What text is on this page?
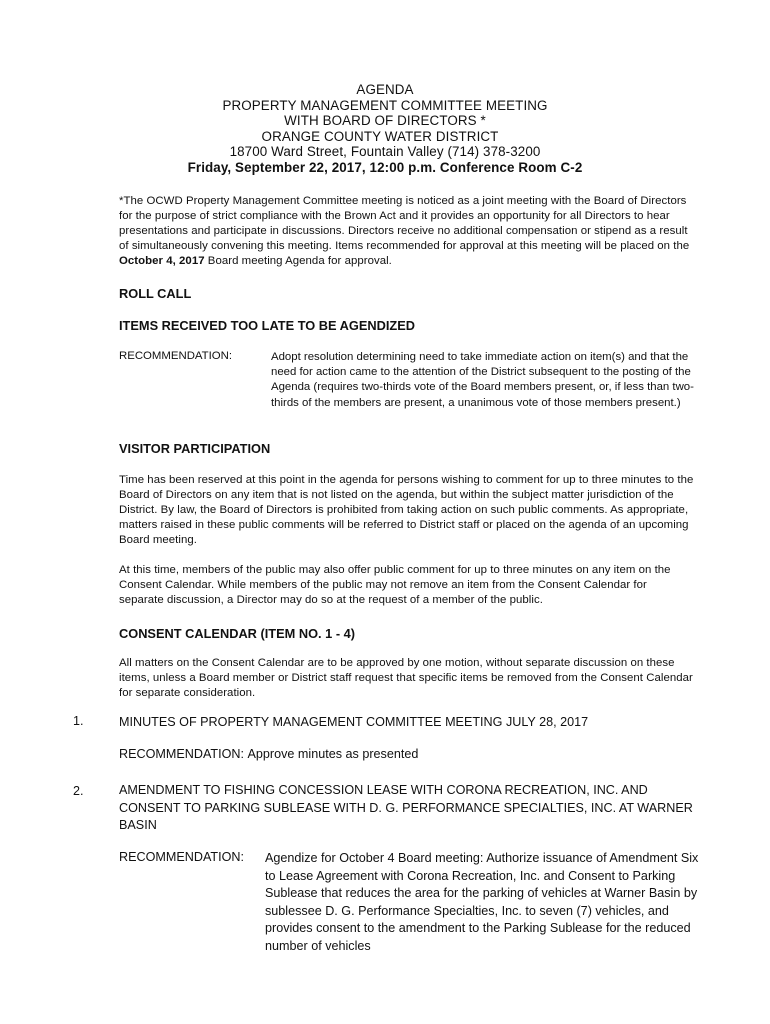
AGENDA
PROPERTY MANAGEMENT COMMITTEE MEETING
WITH BOARD OF DIRECTORS *
ORANGE COUNTY WATER DISTRICT
18700 Ward Street, Fountain Valley (714) 378-3200
Friday, September 22, 2017, 12:00 p.m. Conference Room C-2
*The OCWD Property Management Committee meeting is noticed as a joint meeting with the Board of Directors for the purpose of strict compliance with the Brown Act and it provides an opportunity for all Directors to hear presentations and participate in discussions. Directors receive no additional compensation or stipend as a result of simultaneously convening this meeting. Items recommended for approval at this meeting will be placed on the October 4, 2017 Board meeting Agenda for approval.
ROLL CALL
ITEMS RECEIVED TOO LATE TO BE AGENDIZED
RECOMMENDATION:	Adopt resolution determining need to take immediate action on item(s) and that the need for action came to the attention of the District subsequent to the posting of the Agenda (requires two-thirds vote of the Board members present, or, if less than two-thirds of the members are present, a unanimous vote of those members present.)
VISITOR PARTICIPATION
Time has been reserved at this point in the agenda for persons wishing to comment for up to three minutes to the Board of Directors on any item that is not listed on the agenda, but within the subject matter jurisdiction of the District. By law, the Board of Directors is prohibited from taking action on such public comments. As appropriate, matters raised in these public comments will be referred to District staff or placed on the agenda of an upcoming Board meeting.
At this time, members of the public may also offer public comment for up to three minutes on any item on the Consent Calendar. While members of the public may not remove an item from the Consent Calendar for separate discussion, a Director may do so at the request of a member of the public.
CONSENT CALENDAR (ITEM NO. 1 - 4)
All matters on the Consent Calendar are to be approved by one motion, without separate discussion on these items, unless a Board member or District staff request that specific items be removed from the Consent Calendar for separate consideration.
1.	MINUTES OF PROPERTY MANAGEMENT COMMITTEE MEETING JULY 28, 2017
RECOMMENDATION: Approve minutes as presented
2.	AMENDMENT TO FISHING CONCESSION LEASE WITH CORONA RECREATION, INC. AND CONSENT TO PARKING SUBLEASE WITH D. G. PERFORMANCE SPECIALTIES, INC. AT WARNER BASIN
RECOMMENDATION: Agendize for October 4 Board meeting: Authorize issuance of Amendment Six to Lease Agreement with Corona Recreation, Inc. and Consent to Parking Sublease that reduces the area for the parking of vehicles at Warner Basin by sublessee D. G. Performance Specialties, Inc. to seven (7) vehicles, and provides consent to the amendment to the Parking Sublease for the reduced number of vehicles
